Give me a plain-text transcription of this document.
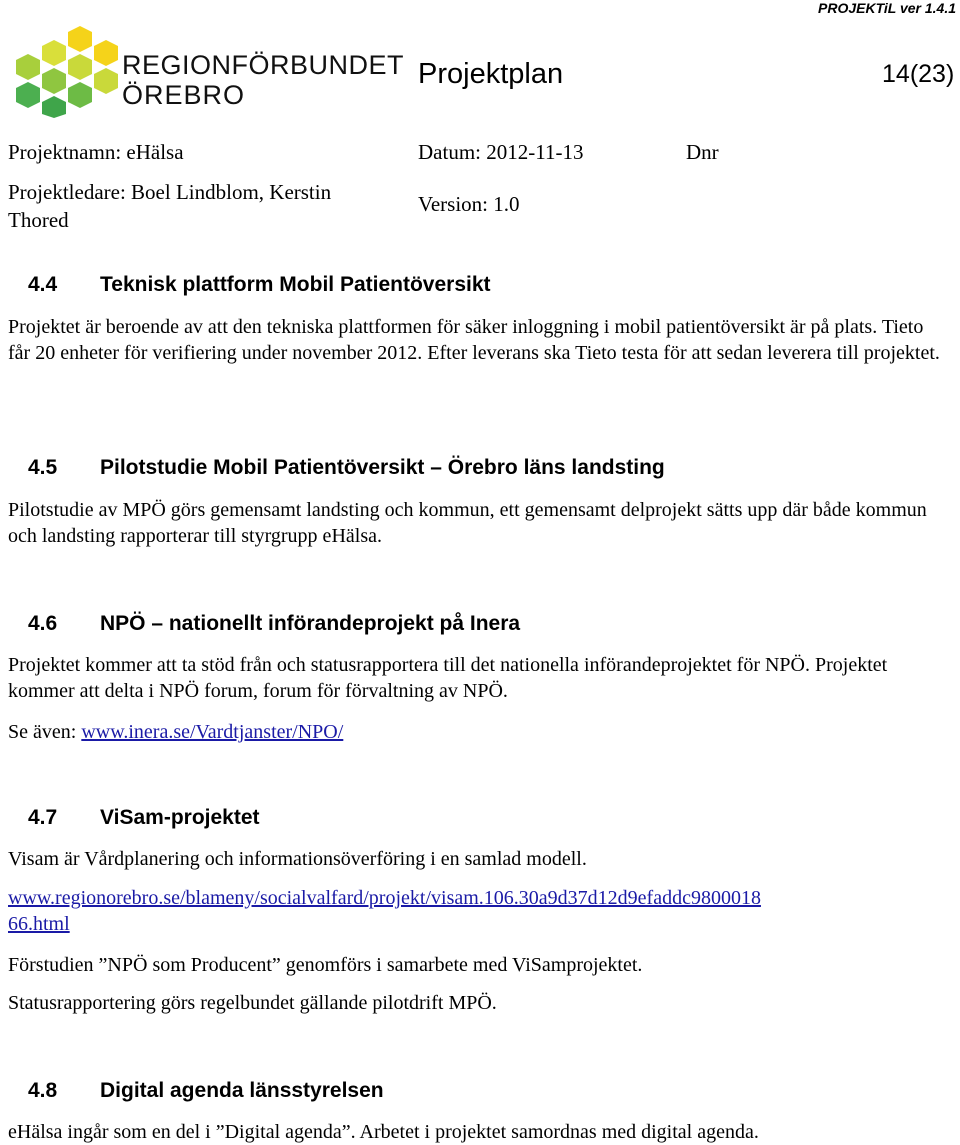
PROJEKTiL ver 1.4.1
REGIONFÖRBUNDET
ÖREBRO
Projektplan	14(23)
Projektnamn: eHälsa	Datum: 2012-11-13	Dnr
Projektledare: Boel Lindblom, Kerstin Thored
Version: 1.0
4.4 Teknisk plattform Mobil Patientöversikt
Projektet är beroende av att den tekniska plattformen för säker inloggning i mobil patientöversikt är på plats. Tieto får 20 enheter för verifiering under november 2012. Efter leverans ska Tieto testa för att sedan leverera till projektet.
4.5 Pilotstudie Mobil Patientöversikt – Örebro läns landsting
Pilotstudie av MPÖ görs gemensamt landsting och kommun, ett gemensamt delprojekt sätts upp där både kommun och landsting rapporterar till styrgrupp eHälsa.
4.6 NPÖ – nationellt införandeprojekt på Inera
Projektet kommer att ta stöd från och statusrapportera till det nationella införandeprojektet för NPÖ. Projektet kommer att delta i NPÖ forum, forum för förvaltning av NPÖ.
Se även: www.inera.se/Vardtjanster/NPO/
4.7 ViSam-projektet
Visam är Vårdplanering och informationsöverföring i en samlad modell.
www.regionorebro.se/blameny/socialvalfard/projekt/visam.106.30a9d37d12d9efaddc9800018
66.html
Förstudien ”NPÖ som Producent” genomförs i samarbete med ViSamprojektet.
Statusrapportering görs regelbundet gällande pilotdrift MPÖ.
4.8 Digital agenda länsstyrelsen
eHälsa ingår som en del i ”Digital agenda”. Arbetet i projektet samordnas med digital agenda.
